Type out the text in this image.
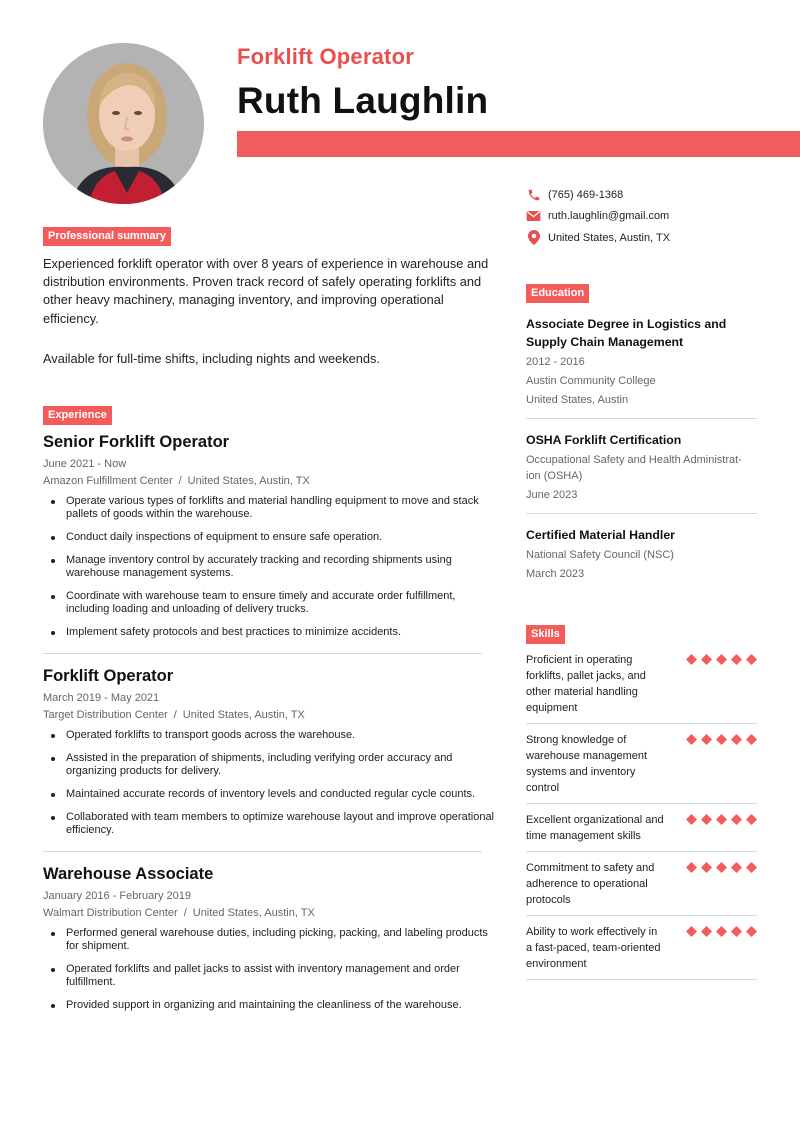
Forklift Operator
Ruth Laughlin
Professional summary

Experienced forklift operator with over 8 years of experience in warehouse and distribution environments. Proven track record of safely operating forklifts and other heavy machinery, managing inventory, and improving operational efficiency.

Available for full-time shifts, including nights and weekends.

Experience
Senior Forklift Operator
June 2021 - Now
Amazon Fulfillment Center / United States, Austin, TX
Operate various types of forklifts and material handling equipment to move and stack pallets of goods within the warehouse.
Conduct daily inspections of equipment to ensure safe operation.
Manage inventory control by accurately tracking and recording shipments using warehouse management systems.
Coordinate with warehouse team to ensure timely and accurate order fulfillment, including loading and unloading of delivery trucks.
Implement safety protocols and best practices to minimize accidents.
Forklift Operator
March 2019 - May 2021
Target Distribution Center / United States, Austin, TX
Operated forklifts to transport goods across the warehouse.
Assisted in the preparation of shipments, including verifying order accuracy and organizing products for delivery.
Maintained accurate records of inventory levels and conducted regular cycle counts.
Collaborated with team members to optimize warehouse layout and improve operational efficiency.
Warehouse Associate
January 2016 - February 2019
Walmart Distribution Center / United States, Austin, TX
Performed general warehouse duties, including picking, packing, and labeling products for shipment.
Operated forklifts and pallet jacks to assist with inventory management and order fulfillment.
Provided support in organizing and maintaining the cleanliness of the warehouse.
(765) 469-1368
ruth.laughlin@gmail.com
United States, Austin, TX
Education
Associate Degree in Logistics and Supply Chain Management
2012 - 2016
Austin Community College
United States, Austin
OSHA Forklift Certification
Occupational Safety and Health Administrat- ion (OSHA)
June 2023
Certified Material Handler
National Safety Council (NSC)
March 2023
Skills
Proficient in operating forklifts, pallet jacks, and other material handling equipment
Strong knowledge of warehouse management systems and inventory control
Excellent organizational and time management skills
Commitment to safety and adherence to operational protocols
Ability to work effectively in a fast-paced, team-oriented environment
